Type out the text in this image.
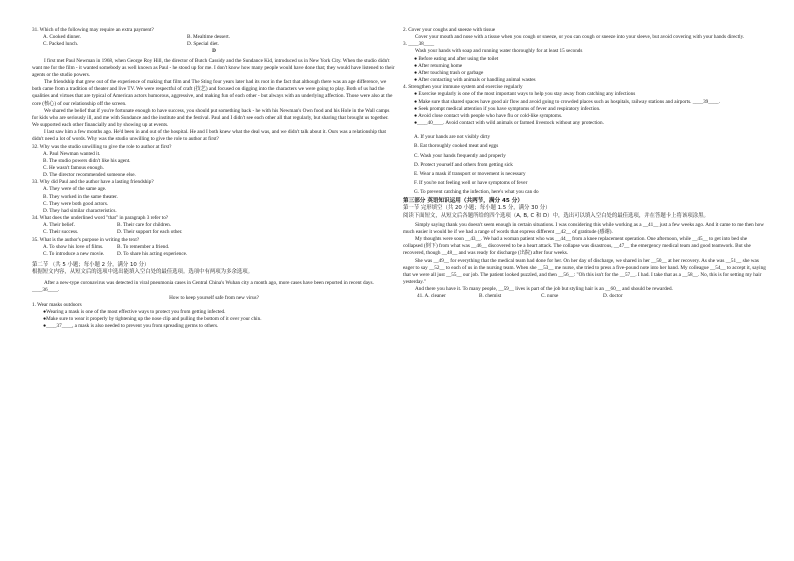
31. Which of the following may require an extra payment?

A. Cooked dinner.	B. Mealtime dessert.
C. Packed lunch.	D. Special diet.

D

I first met Paul Newman in 1968, when George Roy Hill, the director of Butch Cassidy and the Sundance Kid, introduced us in New York City. When the studio didn't want me for the film - it wanted somebody as well known as Paul - he stood up for me. I don't know how many people would have done that; they would have listened to their agents or the studio powers.

The friendship that grew out of the experience of making that film and The Sting four years later had its root in the fact that although there was an age difference, we both came from a tradition of theater and live TV. We were respectful of craft (技艺) and focused on digging into the characters we were going to play. Both of us had the qualities and virtues that are typical of American actors humorous, aggressive, and making fun of each other - but always with an underlying affection. Those were also at the core (核心) of our relationship off the screen.

We shared the belief that if you're fortunate enough to have success, you should put something back - he with his Newman's Own food and his Hole in the Wall camps for kids who are seriously ill, and me with Sundance and the institute and the festival. Paul and I didn't see each other all that regularly, but sharing that brought us together. We supported each other financially and by showing up at events.

I last saw him a few months ago. He'd been in and out of the hospital. He and I both knew what the deal was, and we didn't talk about it. Ours was a relationship that didn't need a lot of words. Why was the studio unwilling to give the role to author at first?

32. Why was the studio unwilling to give the role to author at first?

A. Paul Newman wanted it.

B. The studio powers didn't like his agent.

C. He wasn't famous enough.

D. The director recommended someone else.

33. Why did Paul and the author have a lasting friendship?

A. They were of the same age.

B. They worked in the same theater.

C. They were both good actors.

D. They had similar characteristics.

34. What does the underlined word "that" in paragraph 3 refer to?

A. Their belief.	B. Their care for children.
C. Their success.	D. Their support for each other.

35. What is the author's purpose in writing the text?

A. To show his love of films.	B. To remember a friend.
C. To introduce a new movie.	D. To share his acting experience.

第二节 （共 5 小题；每小题 2 分，满分 10 分）

根据短文内容，从短文后的选项中选出能填入空白处的最佳选项。选项中有两项为多余选项。

After a new-type coronavirus was detected in viral pneumonia cases in Central China's Wuhan city a month ago, more cases have been reported in recent days. ____36____.

How to keep yourself safe from new virus?

1. Wear masks outdoors

●Wearing a mask is one of the most effective ways to protect you from getting infected.

●Make sure to wear it properly by tightening up the nose clip and pulling the bottom of it over your chin.

●____37____, a mask is also needed to prevent you from spreading germs to others.

2. Cover your coughs and sneeze with tissue

Cover your mouth and nose with a tissue when you cough or sneeze, or you can cough or sneeze into your sleeve, but avoid covering with your hands directly.

3. ____38____

Wash your hands with soap and running water thoroughly for at least 15 seconds

● Before eating and after using the toilet

● After returning home

● After touching trash or garbage

● After contacting with animals or handling animal wastes

4. Strengthen your immune system and exercise regularly

● Exercise regularly is one of the most important ways to help you stay away from catching any infections

● Make sure that shared spaces have good air flow and avoid going to crowded places such as hospitals, railway stations and airports. ____39____.

● Seek prompt medical attention if you have symptoms of fever and respiratory infection.

● Avoid close contact with people who have flu or cold-like symptoms.

●____40____. Avoid contact with wild animals or farmed livestock without any protection.

A. If your hands are not visibly dirty

B. Eat thoroughly cooked meat and eggs

C. Wash your hands frequently and properly

D. Protect yourself and others from getting sick

E. Wear a mask if transport or movement is necessary

F. If you're not feeling well or have symptoms of fever

G. To prevent catching the infection, here's what you can do

第三部分 英语知识运用（共两节，满分 45 分）

第一节 完形填空（共 20 小题；每小题 1.5 分，满分 30 分）

阅读下面短文，从短文后各题所给的四个选项（A, B, C 和 D）中，选出可以填入空白处的最佳选项，并在答题卡上将该项涂黑。

Simply saying thank you doesn't seem enough in certain situations. I was considering this while working as a __41__ just a few weeks ago. And it came to me then how much easier it would be if we had a range of words that express different __42__ of gratitude (感谢).

My thoughts were soon __43__. We had a woman patient who was __44__ from a knee replacement operation. One afternoon, while __45__ to get into bed she collapsed (倒下) from what was __46__ discovered to be a heart attack. The collapse was disastrous, __47__ the emergency medical team and good teamwork. But she recovered, though __48__ and was ready for discharge (出院) after four weeks.

She was __49__ for everything that the medical team had done for her. On her day of discharge, we shared in her __50__ at her recovery. As she was __51__ she was eager to say __52__ to each of us in the nursing team. When she __53__ me nurse, she tried to press a five-pound note into her hand. My colleague __54__ to accept it, saying that we were all just __55__ our job. The patient looked puzzled, and then __56__: "Oh this isn't for the __57__. I had. I take that as a __58__. No, this is for setting my hair yesterday."

And there you have it. To many people, __59__ lives is part of the job but styling hair is an __60__ and should be rewarded.

41. A. cleaner	B. chemist	C. nurse	D. doctor
